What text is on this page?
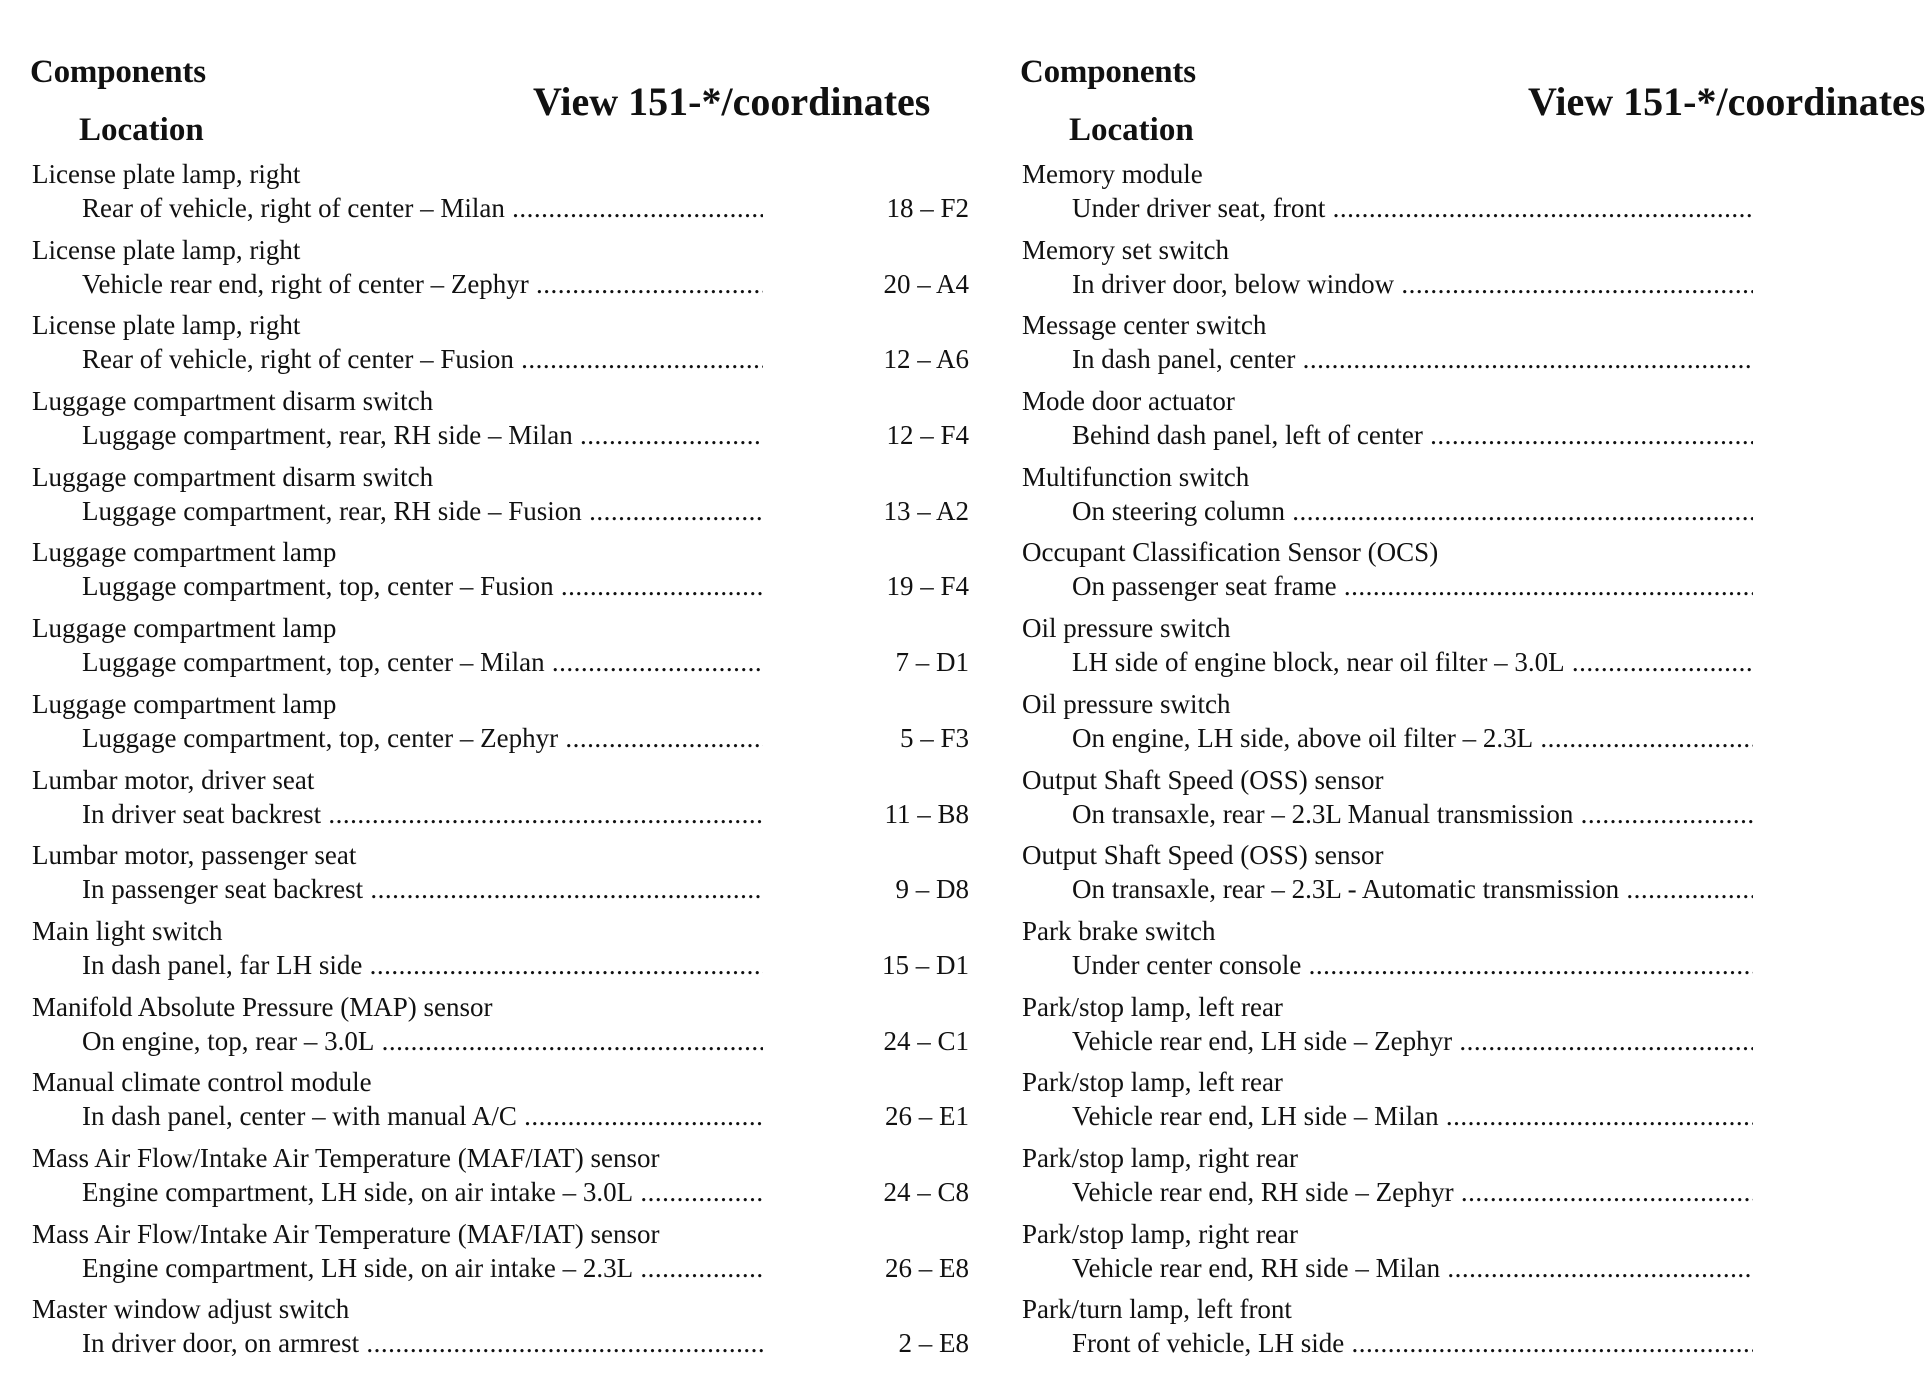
Components
Location
View 151-*/coordinates
License plate lamp, right
Rear of vehicle, right of center – Milan .....
License plate lamp, right
Vehicle rear end, right of center – Zephyr .....
License plate lamp, right
Rear of vehicle, right of center – Fusion .....
Luggage compartment disarm switch
Luggage compartment, rear, RH side – Milan .....
Luggage compartment disarm switch
Luggage compartment, rear, RH side – Fusion .....
Luggage compartment lamp
Luggage compartment, top, center – Fusion .....
Luggage compartment lamp
Luggage compartment, top, center – Milan .....
Luggage compartment lamp
Luggage compartment, top, center – Zephyr .....
Lumbar motor, driver seat
In driver seat backrest .....
Lumbar motor, passenger seat
In passenger seat backrest .....
Main light switch
In dash panel, far LH side .....
Manifold Absolute Pressure (MAP) sensor
On engine, top, rear – 3.0L .....
Manual climate control module
In dash panel, center – with manual A/C .....
Mass Air Flow/Intake Air Temperature (MAF/IAT) sensor
Engine compartment, LH side, on air intake – 3.0L .....
Mass Air Flow/Intake Air Temperature (MAF/IAT) sensor
Engine compartment, LH side, on air intake – 2.3L .....
Master window adjust switch
In driver door, on armrest .....
Components
Location
View 151-*/coordinates
Memory module
Under driver seat, front .....
18 – F2
Memory set switch
In driver door, below window .....
20 – A4
Message center switch
In dash panel, center .....
12 – A6
Mode door actuator
Behind dash panel, left of center .....
12 – F4
Multifunction switch
On steering column .....
13 – A2
Occupant Classification Sensor (OCS)
On passenger seat frame .....
19 – F4
Oil pressure switch
LH side of engine block, near oil filter – 3.0L .....
7 – D1
Oil pressure switch
On engine, LH side, above oil filter – 2.3L .....
5 – F3
Output Shaft Speed (OSS) sensor
On transaxle, rear – 2.3L Manual transmission .....
11 – B8
Output Shaft Speed (OSS) sensor
On transaxle, rear – 2.3L - Automatic transmission .....
9 – D8
Park brake switch
Under center console .....
15 – D1
Park/stop lamp, left rear
Vehicle rear end, LH side – Zephyr .....
24 – C1
Park/stop lamp, left rear
Vehicle rear end, LH side – Milan .....
26 – E1
Park/stop lamp, right rear
Vehicle rear end, RH side – Zephyr .....
24 – C8
Park/stop lamp, right rear
Vehicle rear end, RH side – Milan .....
26 – E8
Park/turn lamp, left front
Front of vehicle, LH side .....
2 – E8
